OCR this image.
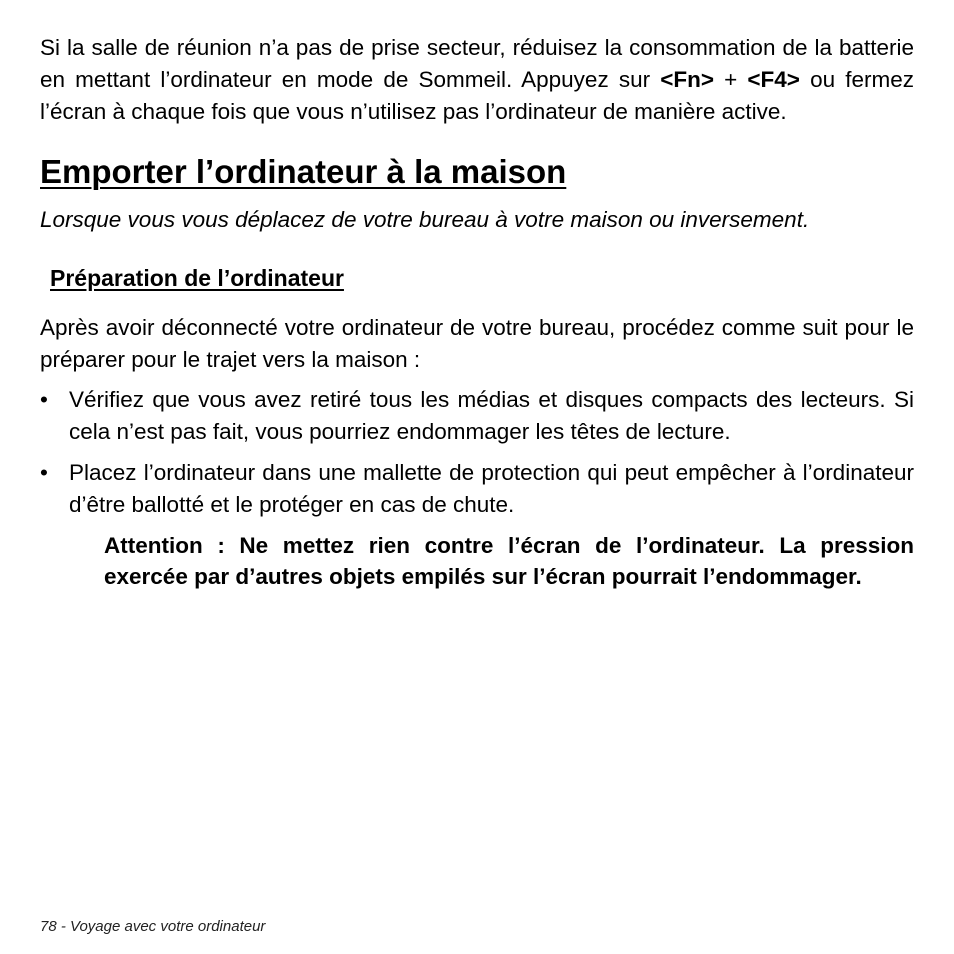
Si la salle de réunion n’a pas de prise secteur, réduisez la consommation de la batterie en mettant l’ordinateur en mode de Sommeil. Appuyez sur <Fn> + <F4> ou fermez l’écran à chaque fois que vous n’utilisez pas l’ordinateur de manière active.

Emporter l’ordinateur à la maison

Lorsque vous vous déplacez de votre bureau à votre maison ou inversement.

Préparation de l’ordinateur

Après avoir déconnecté votre ordinateur de votre bureau, procédez comme suit pour le préparer pour le trajet vers la maison :

• Vérifiez que vous avez retiré tous les médias et disques compacts des lecteurs. Si cela n’est pas fait, vous pourriez endommager les têtes de lecture.
• Placez l’ordinateur dans une mallette de protection qui peut empêcher à l’ordinateur d’être ballotté et le protéger en cas de chute.

Attention : Ne mettez rien contre l’écran de l’ordinateur. La pression exercée par d’autres objets empilés sur l’écran pourrait l’endommager.

78 - Voyage avec votre ordinateur
